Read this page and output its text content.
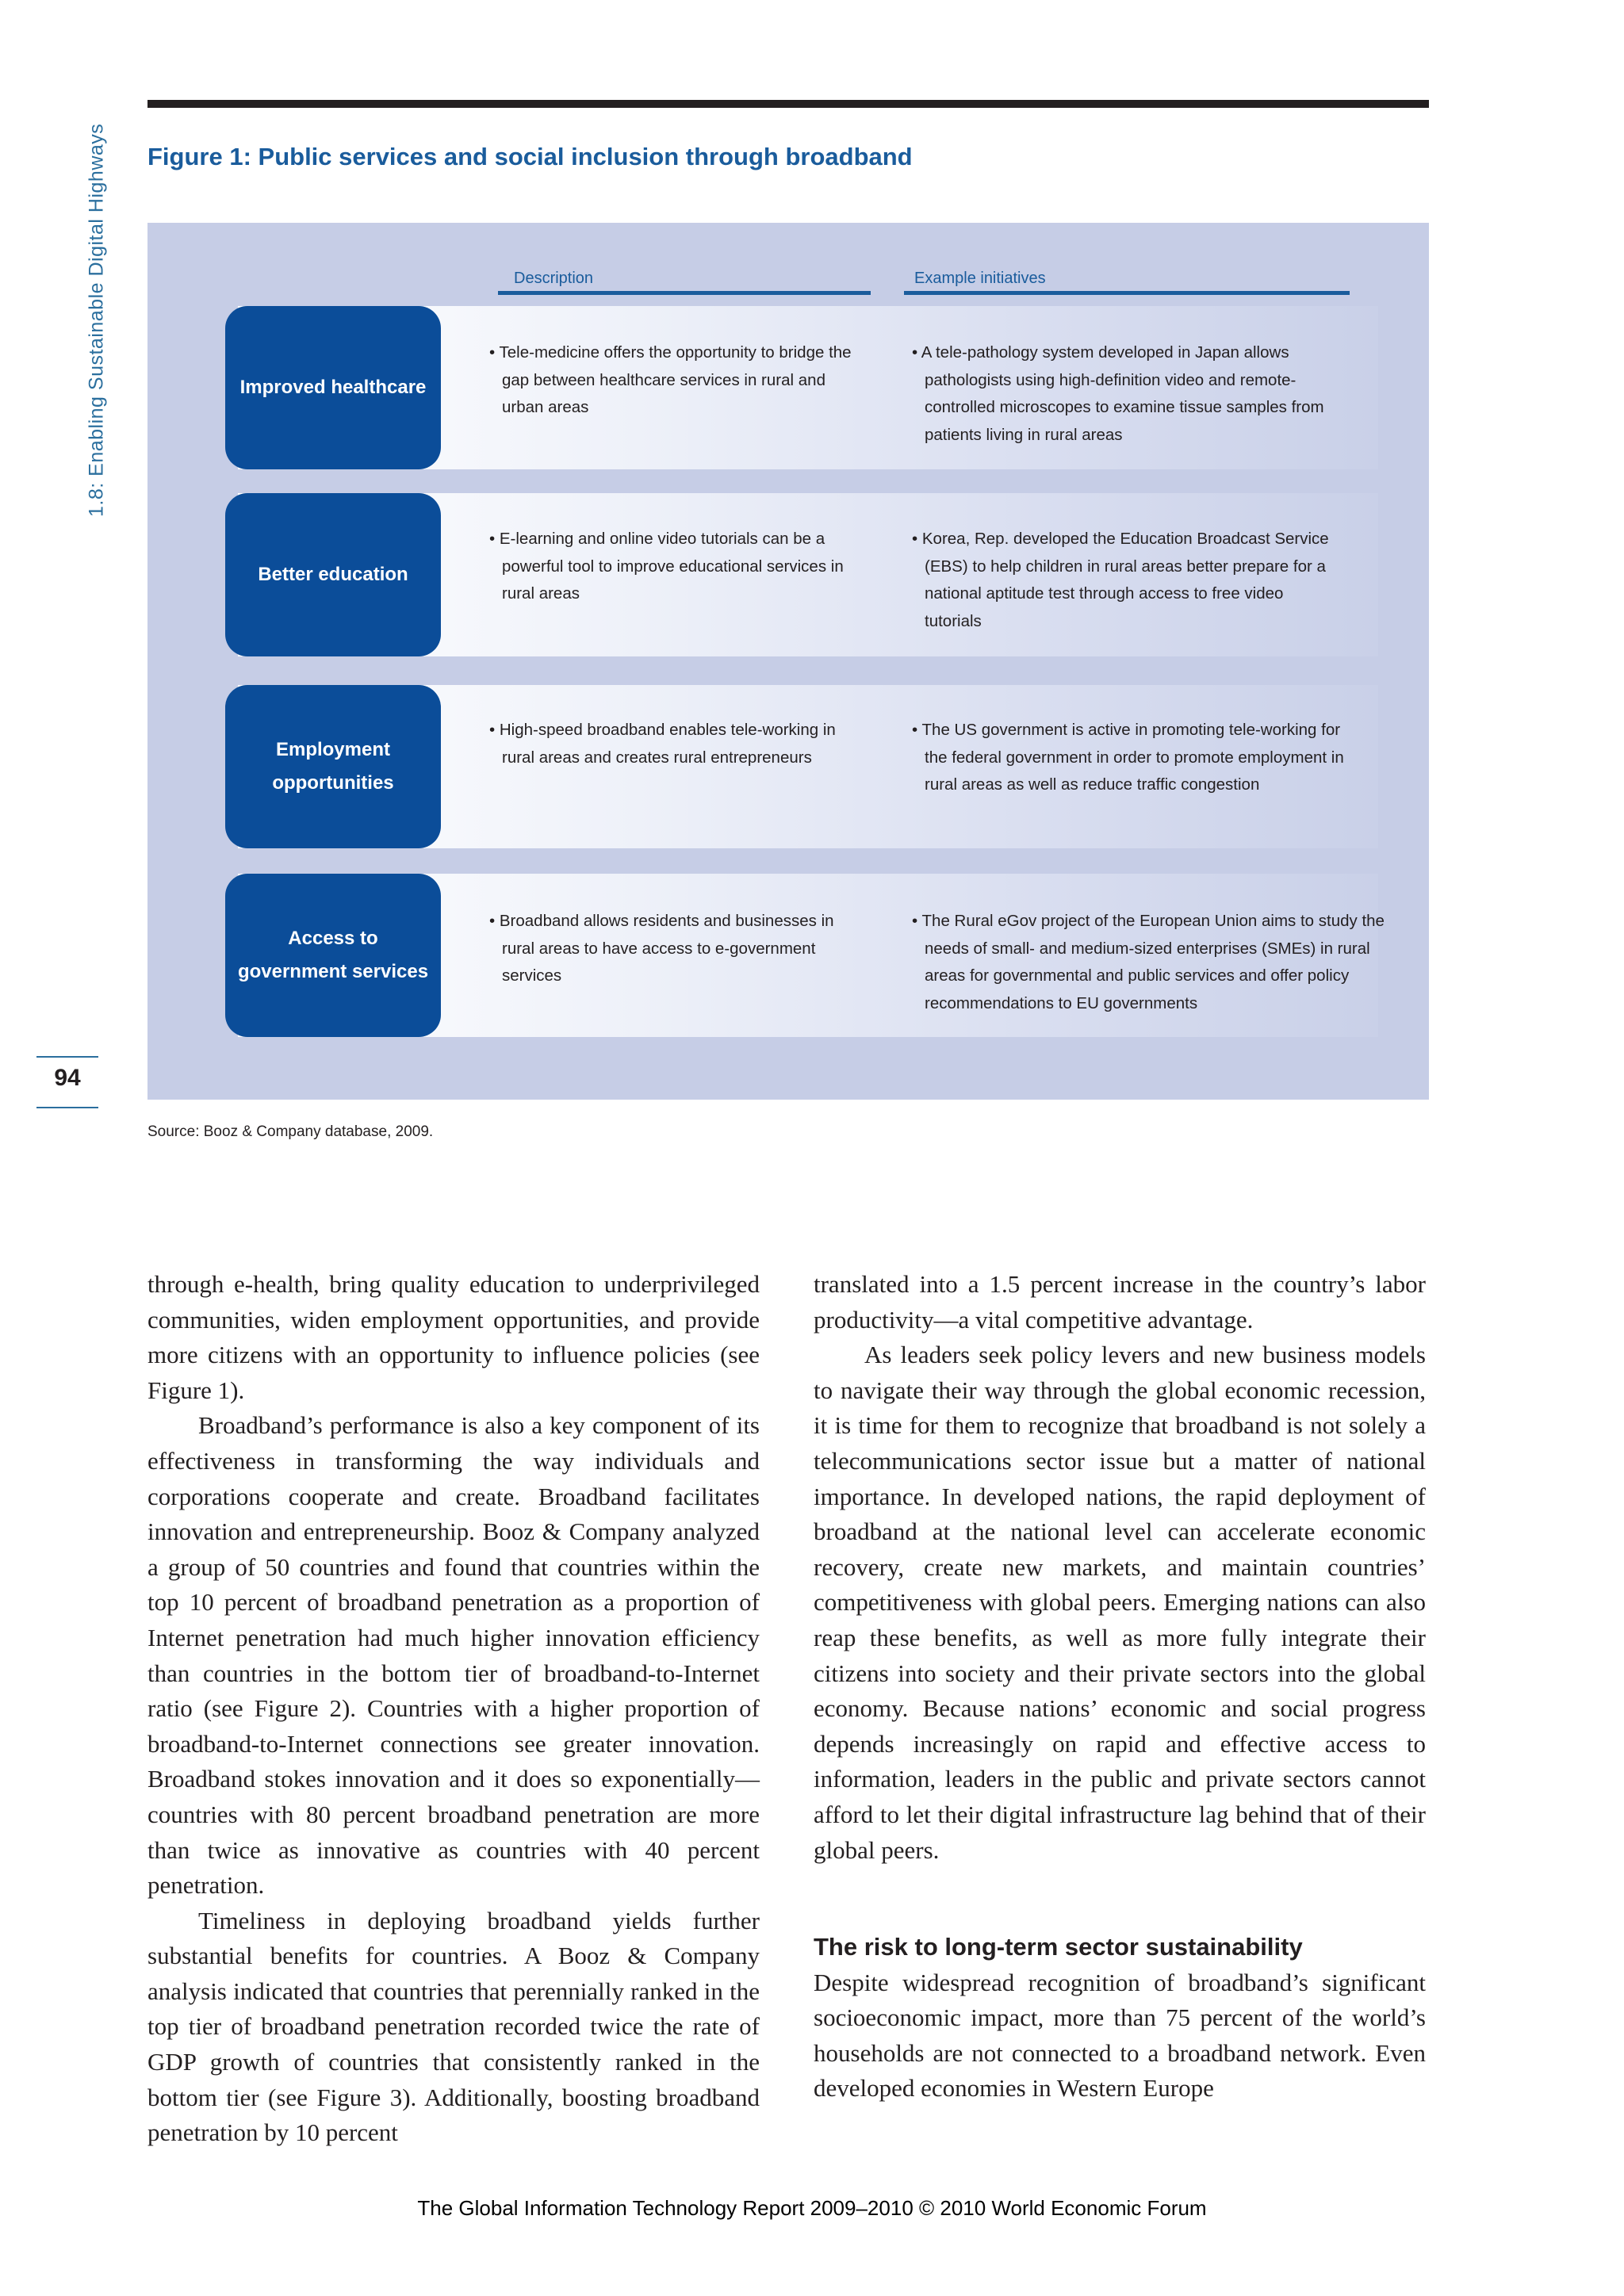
1.8: Enabling Sustainable Digital Highways
94
Figure 1: Public services and social inclusion through broadband
Description	Example initiatives
Improved healthcare
• Tele-medicine offers the opportunity to bridge the gap between healthcare services in rural and urban areas
• A tele-pathology system developed in Japan allows pathologists using high-definition video and remote-controlled microscopes to examine tissue samples from patients living in rural areas
Better education
• E-learning and online video tutorials can be a powerful tool to improve educational services in rural areas
• Korea, Rep. developed the Education Broadcast Service (EBS) to help children in rural areas better prepare for a national aptitude test through access to free video tutorials
Employment
opportunities
• High-speed broadband enables tele-working in rural areas and creates rural entrepreneurs
• The US government is active in promoting tele-working for the federal government in order to promote employment in rural areas as well as reduce traffic congestion
Access to
government services
• Broadband allows residents and businesses in rural areas to have access to e-government services
• The Rural eGov project of the European Union aims to study the needs of small- and medium-sized enterprises (SMEs) in rural areas for governmental and public services and offer policy recommendations to EU governments
Source: Booz & Company database, 2009.

through e-health, bring quality education to underprivileged communities, widen employment opportunities, and provide more citizens with an opportunity to influence policies (see Figure 1).

Broadband’s performance is also a key component of its effectiveness in transforming the way individuals and corporations cooperate and create. Broadband facilitates innovation and entrepreneurship. Booz & Company analyzed a group of 50 countries and found that countries within the top 10 percent of broadband penetration as a proportion of Internet penetration had much higher innovation efficiency than countries in the bottom tier of broadband-to-Internet ratio (see Figure 2). Countries with a higher proportion of broadband-to-Internet connections see greater innovation. Broadband stokes innovation and it does so exponentially—countries with 80 percent broadband penetration are more than twice as innovative as countries with 40 percent penetration.

Timeliness in deploying broadband yields further substantial benefits for countries. A Booz & Company analysis indicated that countries that perennially ranked in the top tier of broadband penetration recorded twice the rate of GDP growth of countries that consistently ranked in the bottom tier (see Figure 3). Additionally, boosting broadband penetration by 10 percent

translated into a 1.5 percent increase in the country’s labor productivity—a vital competitive advantage.

As leaders seek policy levers and new business models to navigate their way through the global economic recession, it is time for them to recognize that broadband is not solely a telecommunications sector issue but a matter of national importance. In developed nations, the rapid deployment of broadband at the national level can accelerate economic recovery, create new markets, and maintain countries’ competitiveness with global peers. Emerging nations can also reap these benefits, as well as more fully integrate their citizens into society and their private sectors into the global economy. Because nations’ economic and social progress depends increasingly on rapid and effective access to information, leaders in the public and private sectors cannot afford to let their digital infrastructure lag behind that of their global peers.

The risk to long-term sector sustainability

Despite widespread recognition of broadband’s significant socioeconomic impact, more than 75 percent of the world’s households are not connected to a broadband network. Even developed economies in Western Europe

The Global Information Technology Report 2009–2010 © 2010 World Economic Forum
